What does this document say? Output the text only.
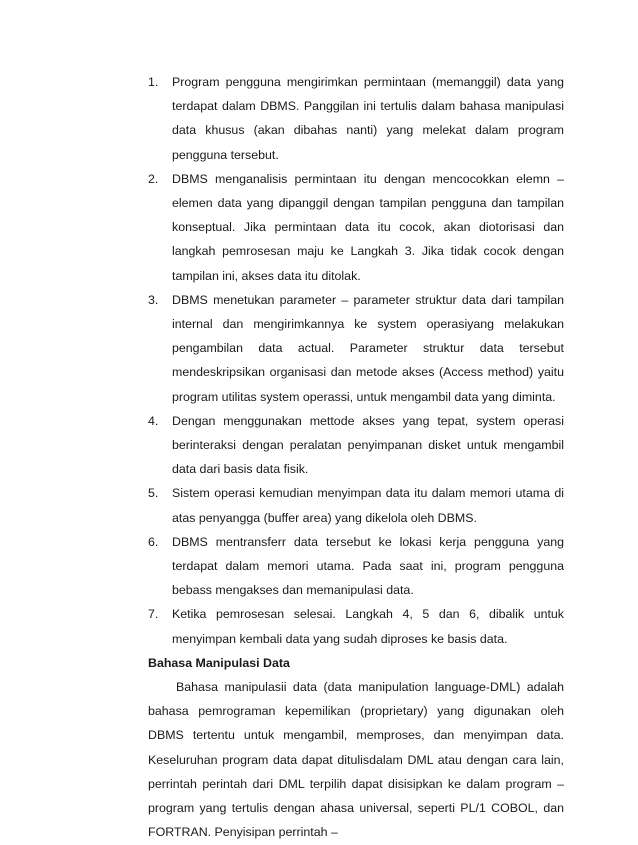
1. Program pengguna mengirimkan permintaan (memanggil) data yang terdapat dalam DBMS. Panggilan ini tertulis dalam bahasa manipulasi data khusus (akan dibahas nanti) yang melekat dalam program pengguna tersebut.
2. DBMS menganalisis permintaan itu dengan mencocokkan elemn – elemen data yang dipanggil dengan tampilan pengguna dan tampilan konseptual. Jika permintaan data itu cocok, akan diotorisasi dan langkah pemrosesan maju ke Langkah 3. Jika tidak cocok dengan tampilan ini, akses data itu ditolak.
3. DBMS menetukan parameter – parameter struktur data dari tampilan internal dan mengirimkannya ke system operasiyang melakukan pengambilan data actual. Parameter struktur data tersebut mendeskripsikan organisasi dan metode akses (Access method) yaitu program utilitas system operassi, untuk mengambil data yang diminta.
4. Dengan menggunakan mettode akses yang tepat, system operasi berinteraksi dengan peralatan penyimpanan disket untuk mengambil data dari basis data fisik.
5. Sistem operasi kemudian menyimpan data itu dalam memori utama di atas penyangga (buffer area) yang dikelola oleh DBMS.
6. DBMS mentransferr data tersebut ke lokasi kerja pengguna yang terdapat dalam memori utama. Pada saat ini, program pengguna bebass mengakses dan memanipulasi data.
7. Ketika pemrosesan selesai. Langkah 4, 5 dan 6, dibalik untuk menyimpan kembali data yang sudah diproses ke basis data.

Bahasa Manipulasi Data

Bahasa manipulasii data (data manipulation language-DML) adalah bahasa pemrograman kepemilikan (proprietary) yang digunakan oleh DBMS tertentu untuk mengambil, memproses, dan menyimpan data. Keseluruhan program data dapat ditulisdalam DML atau dengan cara lain, perrintah perintah dari DML terpilih dapat disisipkan ke dalam program – program yang tertulis dengan ahasa universal, seperti PL/1 COBOL, dan FORTRAN. Penyisipan perrintah –
